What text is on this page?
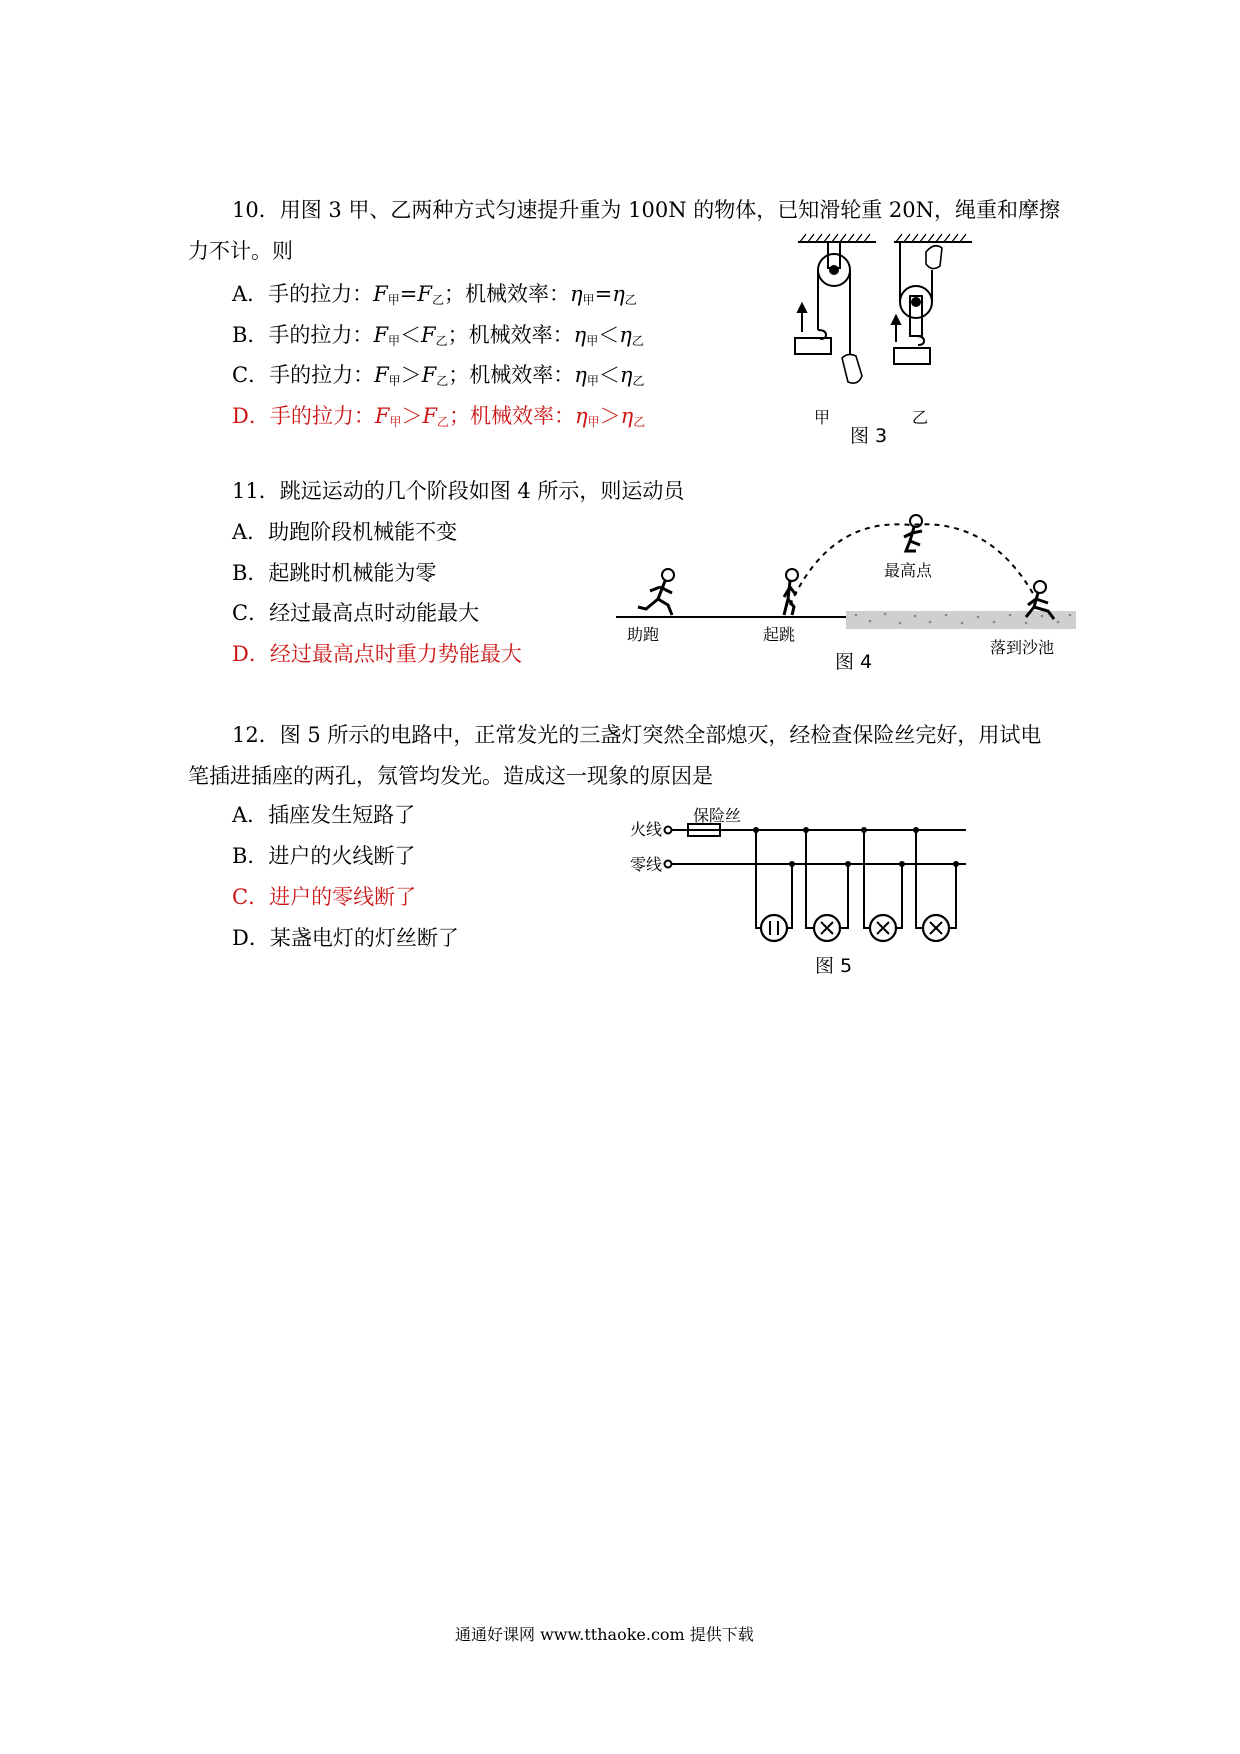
10．用图 3 甲、乙两种方式匀速提升重为 100N 的物体，已知滑轮重 20N，绳重和摩擦
力不计。则
A．手的拉力：$F_甲=F_乙$；机械效率：$\eta_甲=\eta_乙$
B．手的拉力：$F_甲<F_乙$；机械效率：$\eta_甲<\eta_乙$
C．手的拉力：$F_甲>F_乙$；机械效率：$\eta_甲<\eta_乙$
D．手的拉力：$F_甲>F_乙$；机械效率：$\eta_甲>\eta_乙$	甲	乙
图 3
11．跳远运动的几个阶段如图 4 所示，则运动员
A．助跑阶段机械能不变
B．起跳时机械能为零
C．经过最高点时动能最大
D．经过最高点时重力势能最大
助跑	起跳
最高点
落到沙池
图 4
12．图 5 所示的电路中，正常发光的三盏灯突然全部熄灭，经检查保险丝完好，用试电
笔插进插座的两孔，氖管均发光。造成这一现象的原因是
A．插座发生短路了
B．进户的火线断了
C．进户的零线断了
D．某盏电灯的灯丝断了
火线
零线
保险丝
图 5
通通好课网 www.tthaoke.com 提供下载
